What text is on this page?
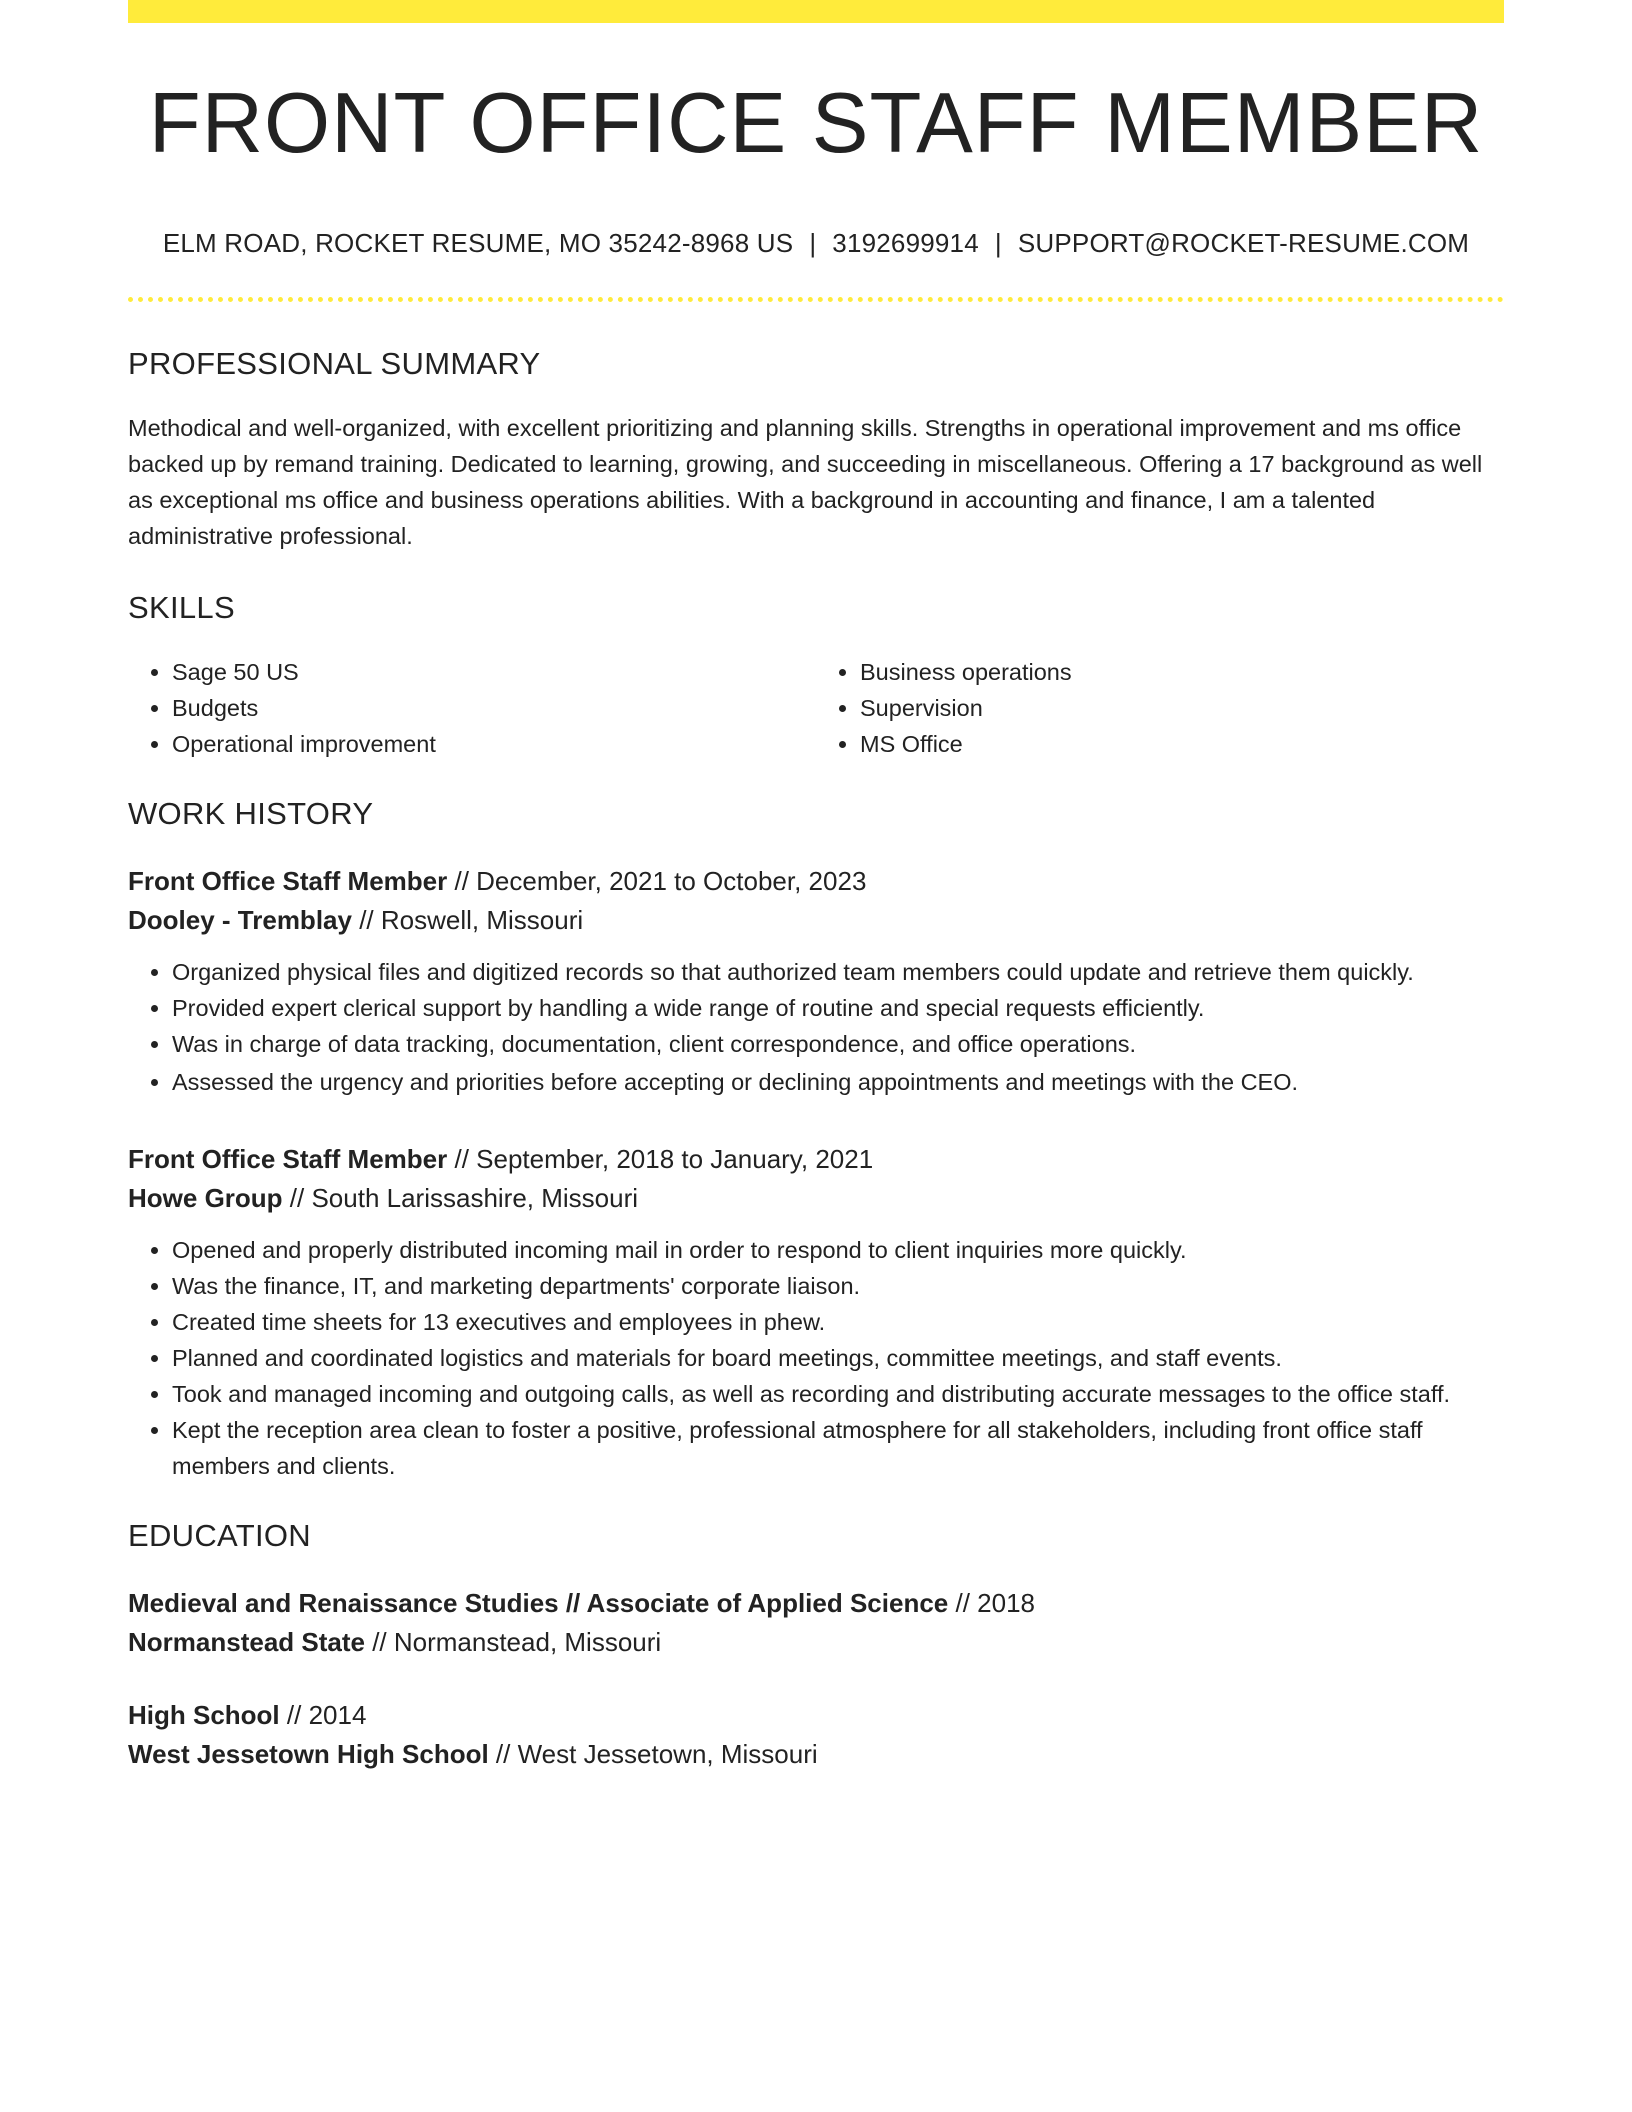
FRONT OFFICE STAFF MEMBER
ELM ROAD, ROCKET RESUME, MO 35242-8968 US | 3192699914 | SUPPORT@ROCKET-RESUME.COM
PROFESSIONAL SUMMARY
Methodical and well-organized, with excellent prioritizing and planning skills. Strengths in operational improvement and ms office backed up by remand training. Dedicated to learning, growing, and succeeding in miscellaneous. Offering a 17 background as well as exceptional ms office and business operations abilities. With a background in accounting and finance, I am a talented administrative professional.
SKILLS
• Sage 50 US
• Budgets
• Operational improvement
• Business operations
• Supervision
• MS Office
WORK HISTORY
Front Office Staff Member // December, 2021 to October, 2023
Dooley - Tremblay // Roswell, Missouri
• Organized physical files and digitized records so that authorized team members could update and retrieve them quickly.
• Provided expert clerical support by handling a wide range of routine and special requests efficiently.
• Was in charge of data tracking, documentation, client correspondence, and office operations.
• Assessed the urgency and priorities before accepting or declining appointments and meetings with the CEO.
Front Office Staff Member // September, 2018 to January, 2021
Howe Group // South Larissashire, Missouri
• Opened and properly distributed incoming mail in order to respond to client inquiries more quickly.
• Was the finance, IT, and marketing departments' corporate liaison.
• Created time sheets for 13 executives and employees in phew.
• Planned and coordinated logistics and materials for board meetings, committee meetings, and staff events.
• Took and managed incoming and outgoing calls, as well as recording and distributing accurate messages to the office staff.
• Kept the reception area clean to foster a positive, professional atmosphere for all stakeholders, including front office staff members and clients.
EDUCATION
Medieval and Renaissance Studies // Associate of Applied Science // 2018
Normanstead State // Normanstead, Missouri
High School // 2014
West Jessetown High School // West Jessetown, Missouri
